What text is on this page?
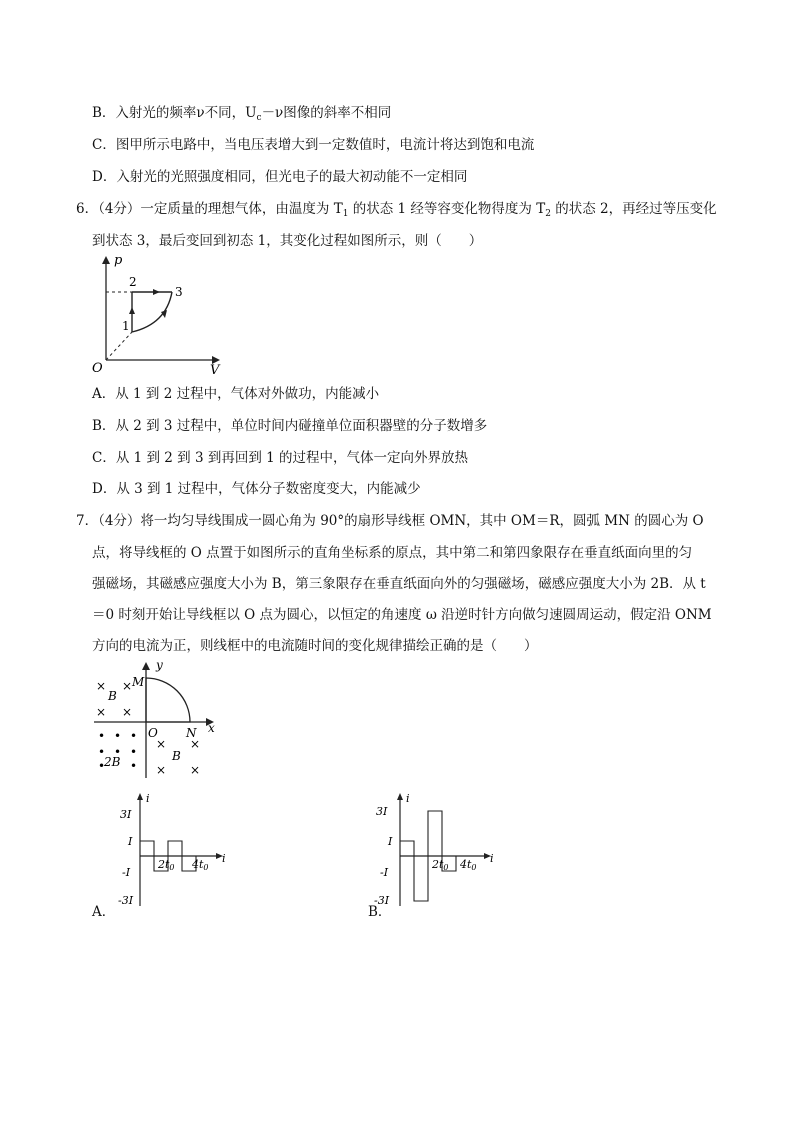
B．入射光的频率ν不同，$U_c-\nu$图像的斜率不相同
C．图甲所示电路中，当电压表增大到一定数值时，电流计将达到饱和电流
D．入射光的光照强度相同，但光电子的最大初动能不一定相同
6．（4分）一定质量的理想气体，由温度为 $T_1$ 的状态 1 经等容变化物得度为 $T_2$ 的状态 2，再经过等压变化
到状态 3，最后变回到初态 1，其变化过程如图所示，则（　　）
p
V
O
1
2
3
A．从 1 到 2 过程中，气体对外做功，内能减小
B．从 2 到 3 过程中，单位时间内碰撞单位面积器壁的分子数增多
C．从 1 到 2 到 3 到再回到 1 的过程中，气体一定向外界放热
D．从 3 到 1 过程中，气体分子数密度变大，内能减少
7．（4分）将一均匀导线围成一圆心角为 90°的扇形导线框 OMN，其中 OM＝R，圆弧 MN 的圆心为 O
点，将导线框的 O 点置于如图所示的直角坐标系的原点，其中第二和第四象限存在垂直纸面向里的匀
强磁场，其磁感应强度大小为 B，第三象限存在垂直纸面向外的匀强磁场，磁感应强度大小为 2B．从 t
＝0 时刻开始让导线框以 O 点为圆心，以恒定的角速度 ω 沿逆时针方向做匀速圆周运动，假定沿 ONM
方向的电流为正，则线框中的电流随时间的变化规律描绘正确的是（　　）
y
x
M
N
O
× ×
× ×
B
• • •
• • •
• •
2B
× ×
× ×
B
i
i
3I
I
-I
-3I
2t0 4t0
A．
i
i
3I
I
-I
-3I
2t0 4t0
B．
